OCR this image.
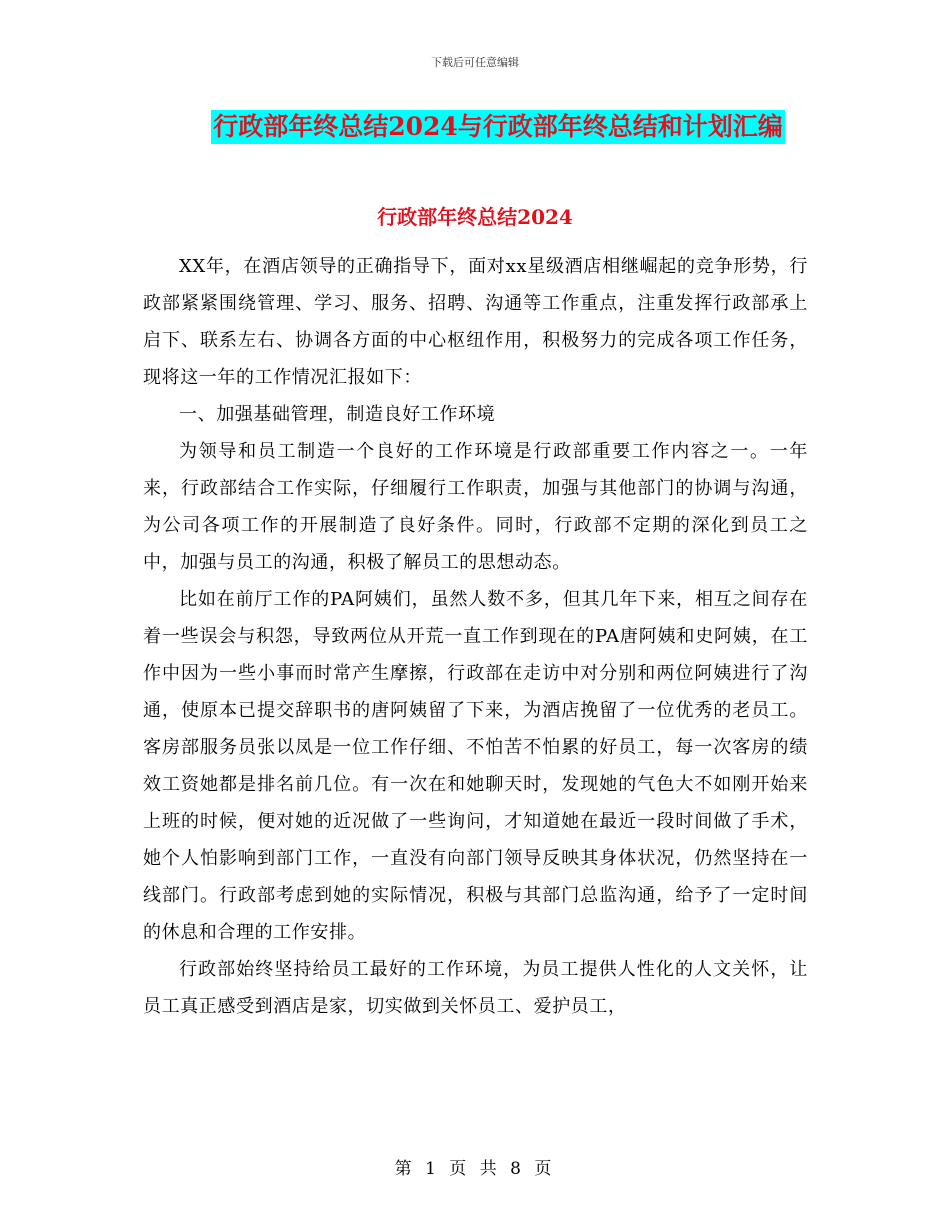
下载后可任意编辑
行政部年终总结2024与行政部年终总结和计划汇编
行政部年终总结2024

XX年，在酒店领导的正确指导下，面对xx星级酒店相继崛起的竞争形势，行政部紧紧围绕管理、学习、服务、招聘、沟通等工作重点，注重发挥行政部承上启下、联系左右、协调各方面的中心枢纽作用，积极努力的完成各项工作任务，现将这一年的工作情况汇报如下：

一、加强基础管理，制造良好工作环境

为领导和员工制造一个良好的工作环境是行政部重要工作内容之一。一年来，行政部结合工作实际，仔细履行工作职责，加强与其他部门的协调与沟通，为公司各项工作的开展制造了良好条件。同时，行政部不定期的深化到员工之中，加强与员工的沟通，积极了解员工的思想动态。

比如在前厅工作的PA阿姨们，虽然人数不多，但其几年下来，相互之间存在着一些误会与积怨，导致两位从开荒一直工作到现在的PA唐阿姨和史阿姨，在工作中因为一些小事而时常产生摩擦，行政部在走访中对分别和两位阿姨进行了沟通，使原本已提交辞职书的唐阿姨留了下来，为酒店挽留了一位优秀的老员工。客房部服务员张以凤是一位工作仔细、不怕苦不怕累的好员工，每一次客房的绩效工资她都是排名前几位。有一次在和她聊天时，发现她的气色大不如刚开始来上班的时候，便对她的近况做了一些询问，才知道她在最近一段时间做了手术，她个人怕影响到部门工作，一直没有向部门领导反映其身体状况，仍然坚持在一线部门。行政部考虑到她的实际情况，积极与其部门总监沟通，给予了一定时间的休息和合理的工作安排。

行政部始终坚持给员工最好的工作环境，为员工提供人性化的人文关怀，让员工真正感受到酒店是家，切实做到关怀员工、爱护员工，

第 1 页 共 8 页
